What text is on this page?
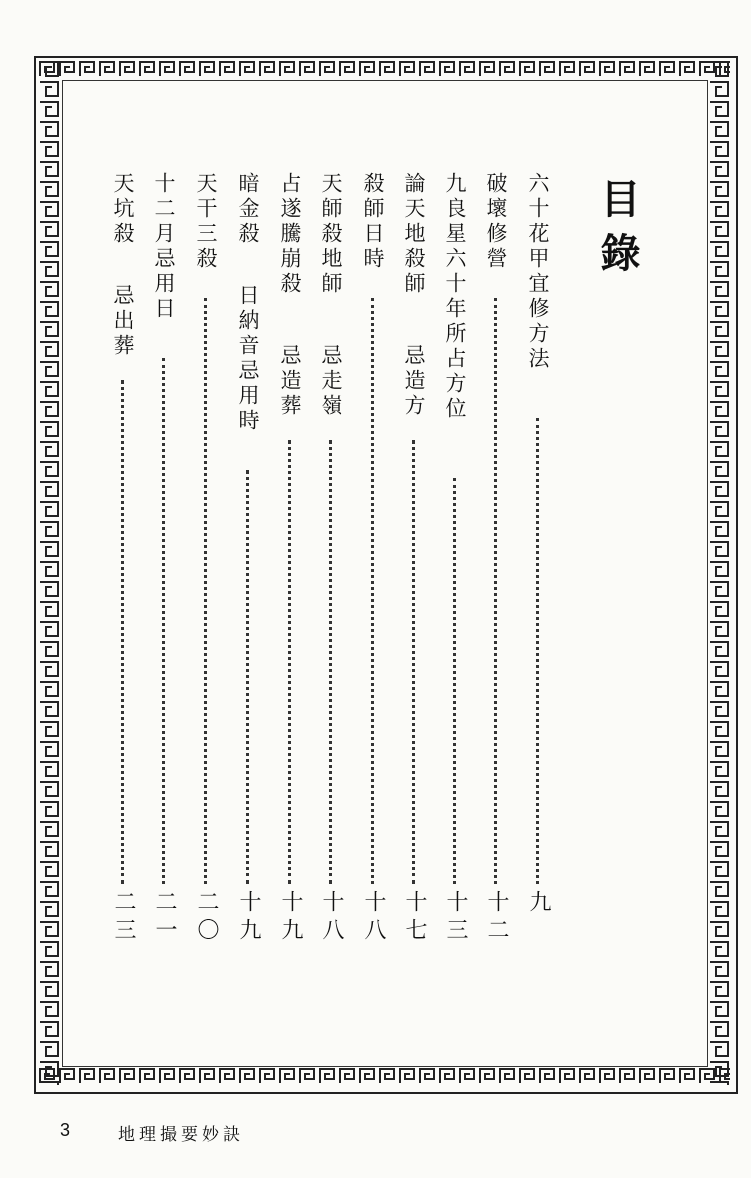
目錄
六十花甲宜修方法
九
破壞修營
十二
九良星六十年所占方位
十三
論天地殺師
忌造方
十七
殺師日時
十八
天師殺地師
忌走嶺
十八
占遂騰崩殺
忌造葬
十九
暗金殺
日納音忌用時
十九
天干三殺
二〇
十二月忌用日
二一
天坑殺
忌出葬
二三
3	地理撮要妙訣
